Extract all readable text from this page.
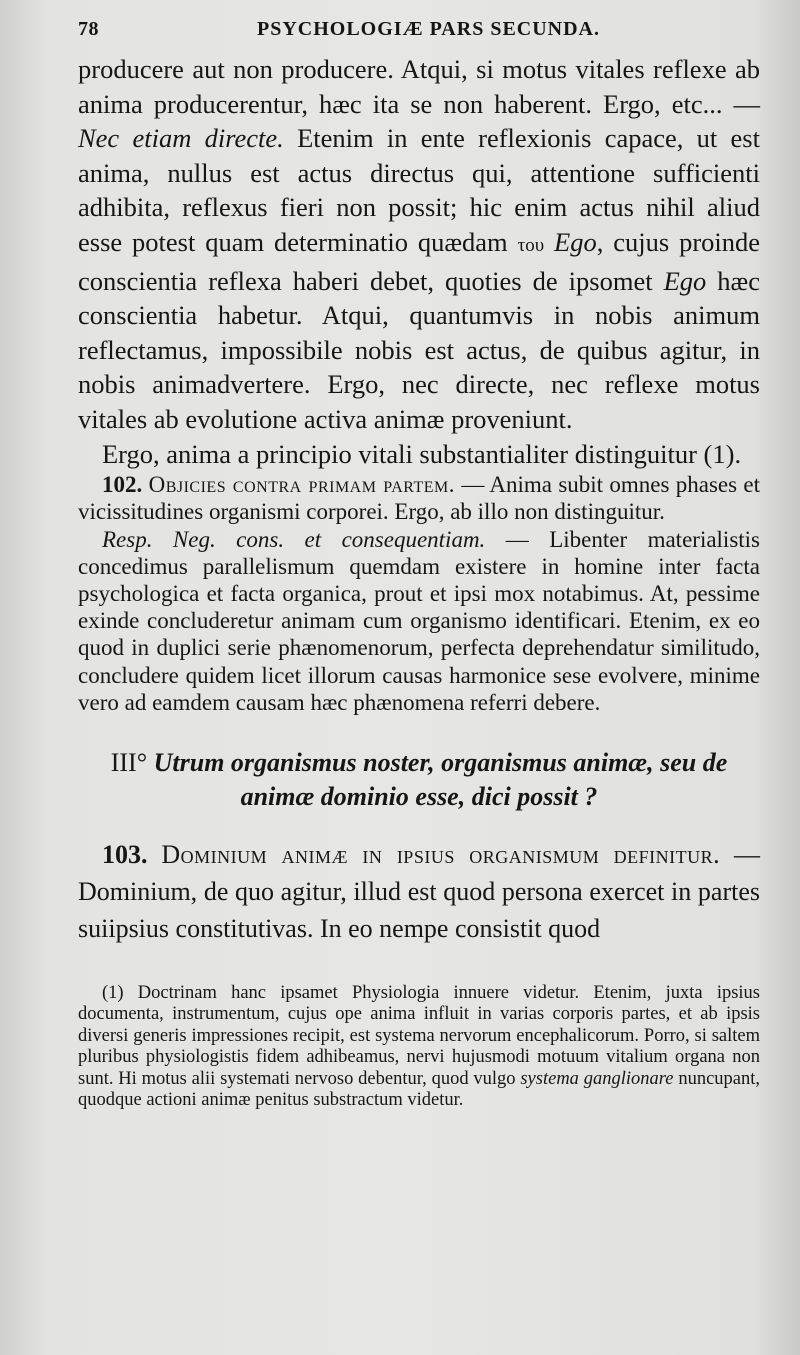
78	PSYCHOLOGIÆ PARS SECUNDA.

producere aut non producere. Atqui, si motus vitales reflexe ab anima producerentur, hæc ita se non haberent. Ergo, etc... — Nec etiam directe. Etenim in ente reflexionis capace, ut est anima, nullus est actus directus qui, attentione sufficienti adhibita, reflexus fieri non possit; hic enim actus nihil aliud esse potest quam determinatio quædam του Ego, cujus proinde conscientia reflexa haberi debet, quoties de ipsomet Ego hæc conscientia habetur. Atqui, quantumvis in nobis animum reflectamus, impossibile nobis est actus, de quibus agitur, in nobis animadvertere. Ergo, nec directe, nec reflexe motus vitales ab evolutione activa animæ proveniunt.

Ergo, anima a principio vitali substantialiter distinguitur (1).

102. Objicies contra primam partem. — Anima subit omnes phases et vicissitudines organismi corporei. Ergo, ab illo non distinguitur.

Resp. Neg. cons. et consequentiam. — Libenter materialistis concedimus parallelismum quemdam existere in homine inter facta psychologica et facta organica, prout et ipsi mox notabimus. At, pessime exinde concluderetur animam cum organismo identificari. Etenim, ex eo quod in duplici serie phænomenorum, perfecta deprehendatur similitudo, concludere quidem licet illorum causas harmonice sese evolvere, minime vero ad eamdem causam hæc phænomena referri debere.

III° Utrum organismus noster, organismus animæ, seu de animæ dominio esse, dici possit ?

103. Dominium animæ in ipsius organismum definitur. — Dominium, de quo agitur, illud est quod persona exercet in partes suiipsius constitutivas. In eo nempe consistit quod

(1) Doctrinam hanc ipsamet Physiologia innuere videtur. Etenim, juxta ipsius documenta, instrumentum, cujus ope anima influit in varias corporis partes, et ab ipsis diversi generis impressiones recipit, est systema nervorum encephalicorum. Porro, si saltem pluribus physiologistis fidem adhibeamus, nervi hujusmodi motuum vitalium organa non sunt. Hi motus alii systemati nervoso debentur, quod vulgo systema ganglionare nuncupant, quodque actioni animæ penitus substractum videtur.
